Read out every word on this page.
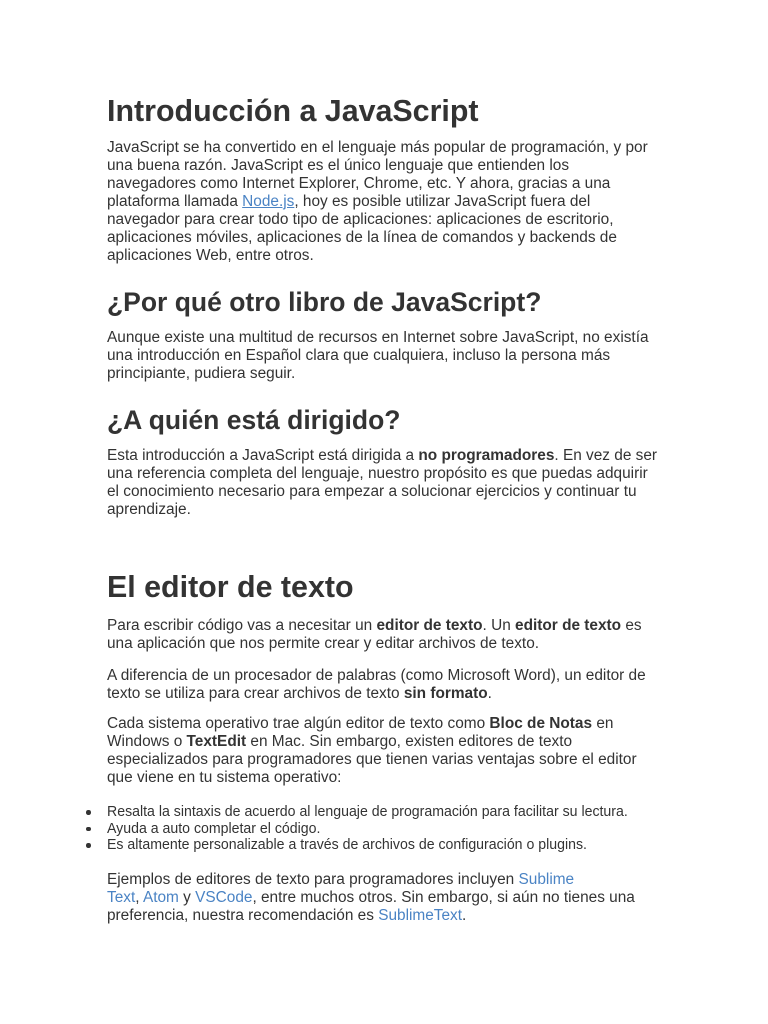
Introducción a JavaScript
JavaScript se ha convertido en el lenguaje más popular de programación, y por
una buena razón. JavaScript es el único lenguaje que entienden los
navegadores como Internet Explorer, Chrome, etc. Y ahora, gracias a una
plataforma llamada Node.js, hoy es posible utilizar JavaScript fuera del
navegador para crear todo tipo de aplicaciones: aplicaciones de escritorio,
aplicaciones móviles, aplicaciones de la línea de comandos y backends de
aplicaciones Web, entre otros.
¿Por qué otro libro de JavaScript?
Aunque existe una multitud de recursos en Internet sobre JavaScript, no existía
una introducción en Español clara que cualquiera, incluso la persona más
principiante, pudiera seguir.
¿A quién está dirigido?
Esta introducción a JavaScript está dirigida a no programadores. En vez de ser
una referencia completa del lenguaje, nuestro propósito es que puedas adquirir
el conocimiento necesario para empezar a solucionar ejercicios y continuar tu
aprendizaje.
El editor de texto
Para escribir código vas a necesitar un editor de texto. Un editor de texto es
una aplicación que nos permite crear y editar archivos de texto.
A diferencia de un procesador de palabras (como Microsoft Word), un editor de
texto se utiliza para crear archivos de texto sin formato.
Cada sistema operativo trae algún editor de texto como Bloc de Notas en
Windows o TextEdit en Mac. Sin embargo, existen editores de texto
especializados para programadores que tienen varias ventajas sobre el editor
que viene en tu sistema operativo:
Resalta la sintaxis de acuerdo al lenguaje de programación para facilitar su lectura.
Ayuda a auto completar el código.
Es altamente personalizable a través de archivos de configuración o plugins.
Ejemplos de editores de texto para programadores incluyen Sublime
Text, Atom y VSCode, entre muchos otros. Sin embargo, si aún no tienes una
preferencia, nuestra recomendación es SublimeText.
